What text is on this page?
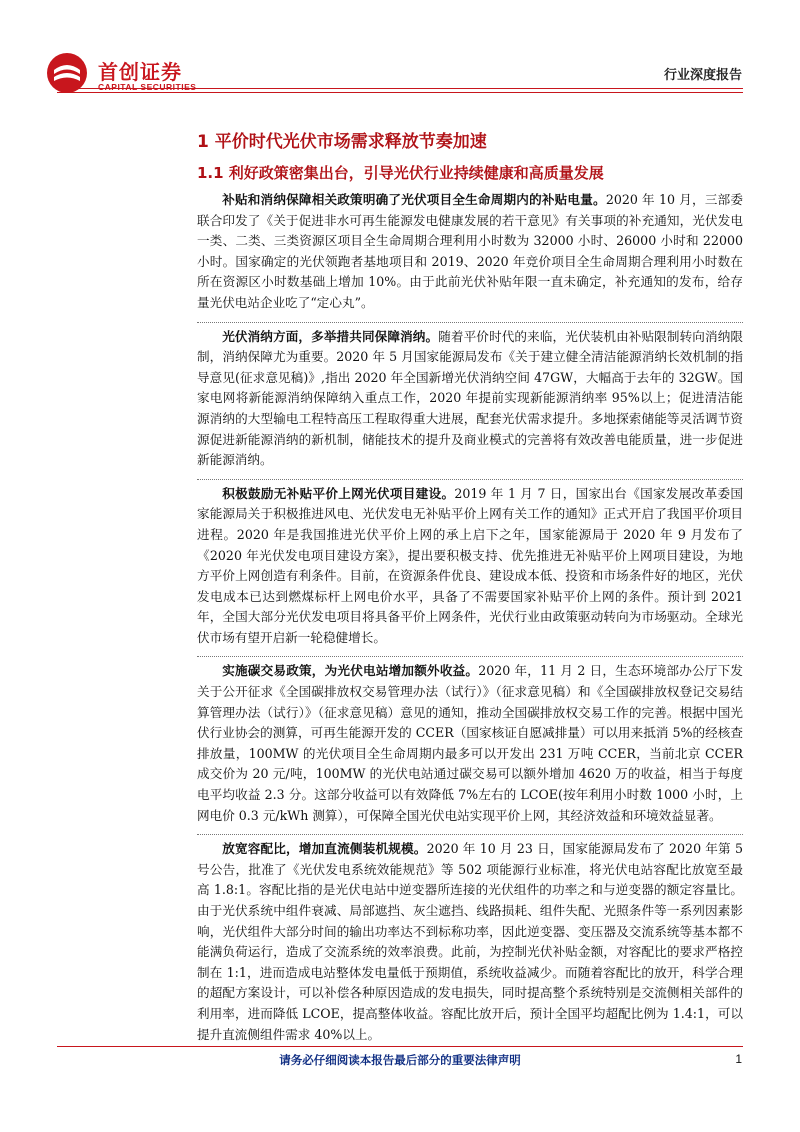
首创证券
CAPITAL SECURITIES
行业深度报告
1 平价时代光伏市场需求释放节奏加速
1.1 利好政策密集出台，引导光伏行业持续健康和高质量发展

补贴和消纳保障相关政策明确了光伏项目全生命周期内的补贴电量。2020 年 10 月，三部委联合印发了《关于促进非水可再生能源发电健康发展的若干意见》有关事项的补充通知，光伏发电一类、二类、三类资源区项目全生命周期合理利用小时数为 32000 小时、26000 小时和 22000 小时。国家确定的光伏领跑者基地项目和 2019、2020 年竞价项目全生命周期合理利用小时数在所在资源区小时数基础上增加 10%。由于此前光伏补贴年限一直未确定，补充通知的发布，给存量光伏电站企业吃了“定心丸”。

光伏消纳方面，多举措共同保障消纳。随着平价时代的来临，光伏装机由补贴限制转向消纳限制，消纳保障尤为重要。2020 年 5 月国家能源局发布《关于建立健全清洁能源消纳长效机制的指导意见(征求意见稿)》,指出 2020 年全国新增光伏消纳空间 47GW，大幅高于去年的 32GW。国家电网将新能源消纳保障纳入重点工作，2020 年提前实现新能源消纳率 95%以上；促进清洁能源消纳的大型输电工程特高压工程取得重大进展，配套光伏需求提升。多地探索储能等灵活调节资源促进新能源消纳的新机制，储能技术的提升及商业模式的完善将有效改善电能质量，进一步促进新能源消纳。

积极鼓励无补贴平价上网光伏项目建设。2019 年 1 月 7 日，国家出台《国家发展改革委国家能源局关于积极推进风电、光伏发电无补贴平价上网有关工作的通知》正式开启了我国平价项目进程。2020 年是我国推进光伏平价上网的承上启下之年，国家能源局于 2020 年 9 月发布了《2020 年光伏发电项目建设方案》，提出要积极支持、优先推进无补贴平价上网项目建设，为地方平价上网创造有利条件。目前，在资源条件优良、建设成本低、投资和市场条件好的地区，光伏发电成本已达到燃煤标杆上网电价水平，具备了不需要国家补贴平价上网的条件。预计到 2021 年，全国大部分光伏发电项目将具备平价上网条件，光伏行业由政策驱动转向为市场驱动。全球光伏市场有望开启新一轮稳健增长。

实施碳交易政策，为光伏电站增加额外收益。2020 年，11 月 2 日，生态环境部办公厅下发关于公开征求《全国碳排放权交易管理办法（试行）》（征求意见稿）和《全国碳排放权登记交易结算管理办法（试行）》（征求意见稿）意见的通知，推动全国碳排放权交易工作的完善。根据中国光伏行业协会的测算，可再生能源开发的 CCER（国家核证自愿减排量）可以用来抵消 5%的经核查排放量，100MW 的光伏项目全生命周期内最多可以开发出 231 万吨 CCER，当前北京 CCER 成交价为 20 元/吨，100MW 的光伏电站通过碳交易可以额外增加 4620 万的收益，相当于每度电平均收益 2.3 分。这部分收益可以有效降低 7%左右的 LCOE(按年利用小时数 1000 小时，上网电价 0.3 元/kWh 测算），可保障全国光伏电站实现平价上网，其经济效益和环境效益显著。

放宽容配比，增加直流侧装机规模。2020 年 10 月 23 日，国家能源局发布了 2020 年第 5 号公告，批准了《光伏发电系统效能规范》等 502 项能源行业标准，将光伏电站容配比放宽至最高 1.8:1。容配比指的是光伏电站中逆变器所连接的光伏组件的功率之和与逆变器的额定容量比。由于光伏系统中组件衰减、局部遮挡、灰尘遮挡、线路损耗、组件失配、光照条件等一系列因素影响，光伏组件大部分时间的输出功率达不到标称功率，因此逆变器、变压器及交流系统等基本都不能满负荷运行，造成了交流系统的效率浪费。此前，为控制光伏补贴金额，对容配比的要求严格控制在 1:1，进而造成电站整体发电量低于预期值，系统收益减少。而随着容配比的放开，科学合理的超配方案设计，可以补偿各种原因造成的发电损失，同时提高整个系统特别是交流侧相关部件的利用率，进而降低 LCOE，提高整体收益。容配比放开后，预计全国平均超配比例为 1.4:1，可以提升直流侧组件需求 40%以上。

请务必仔细阅读本报告最后部分的重要法律声明	1
